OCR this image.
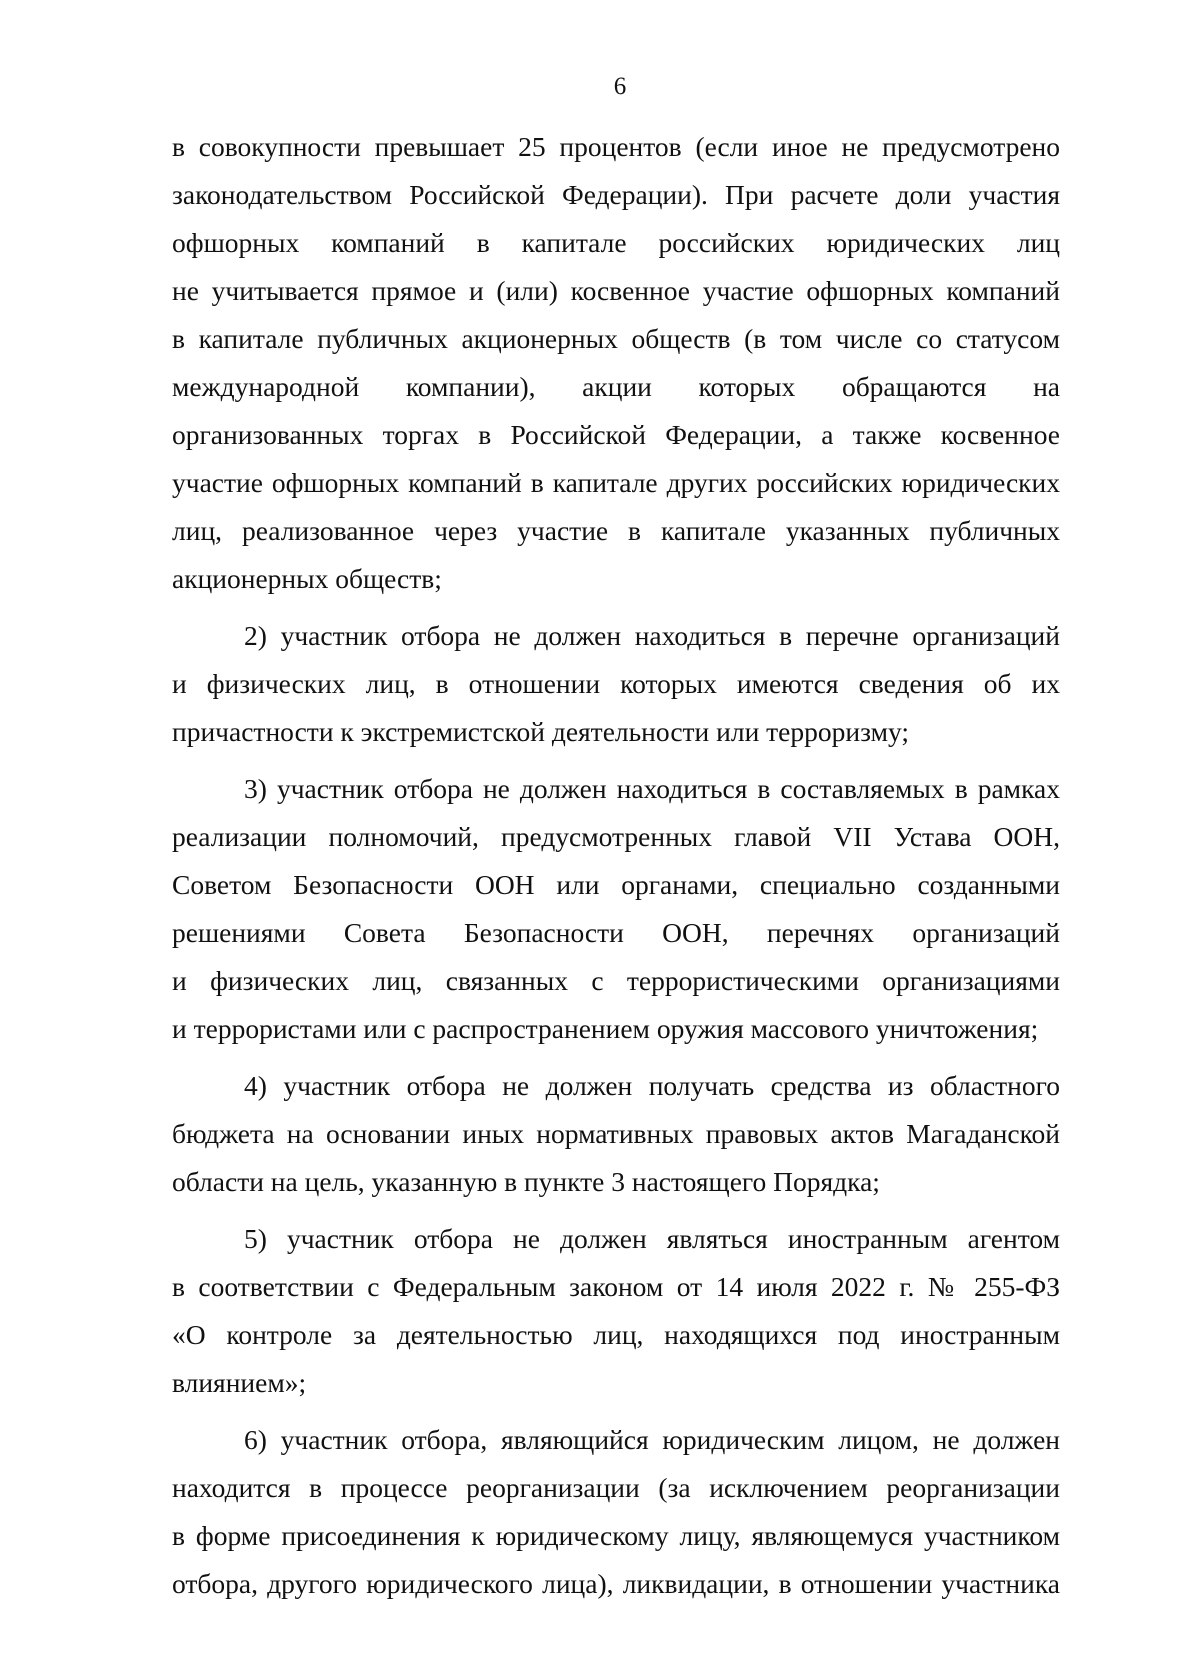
6

в совокупности превышает 25 процентов (если иное не предусмотрено
законодательством Российской Федерации). При расчете доли участия
офшорных компаний в капитале российских юридических лиц
не учитывается прямое и (или) косвенное участие офшорных компаний
в капитале публичных акционерных обществ (в том числе со статусом
международной компании), акции которых обращаются на
организованных торгах в Российской Федерации, а также косвенное
участие офшорных компаний в капитале других российских юридических
лиц, реализованное через участие в капитале указанных публичных
акционерных обществ;

2) участник отбора не должен находиться в перечне организаций
и физических лиц, в отношении которых имеются сведения об их
причастности к экстремистской деятельности или терроризму;

3) участник отбора не должен находиться в составляемых в рамках
реализации полномочий, предусмотренных главой VII Устава ООН,
Советом Безопасности ООН или органами, специально созданными
решениями Совета Безопасности ООН, перечнях организаций
и физических лиц, связанных с террористическими организациями
и террористами или с распространением оружия массового уничтожения;

4) участник отбора не должен получать средства из областного
бюджета на основании иных нормативных правовых актов Магаданской
области на цель, указанную в пункте 3 настоящего Порядка;

5) участник отбора не должен являться иностранным агентом
в соответствии с Федеральным законом от 14 июля 2022 г. № 255-ФЗ
«О контроле за деятельностью лиц, находящихся под иностранным
влиянием»;

6) участник отбора, являющийся юридическим лицом, не должен
находится в процессе реорганизации (за исключением реорганизации
в форме присоединения к юридическому лицу, являющемуся участником
отбора, другого юридического лица), ликвидации, в отношении участника
